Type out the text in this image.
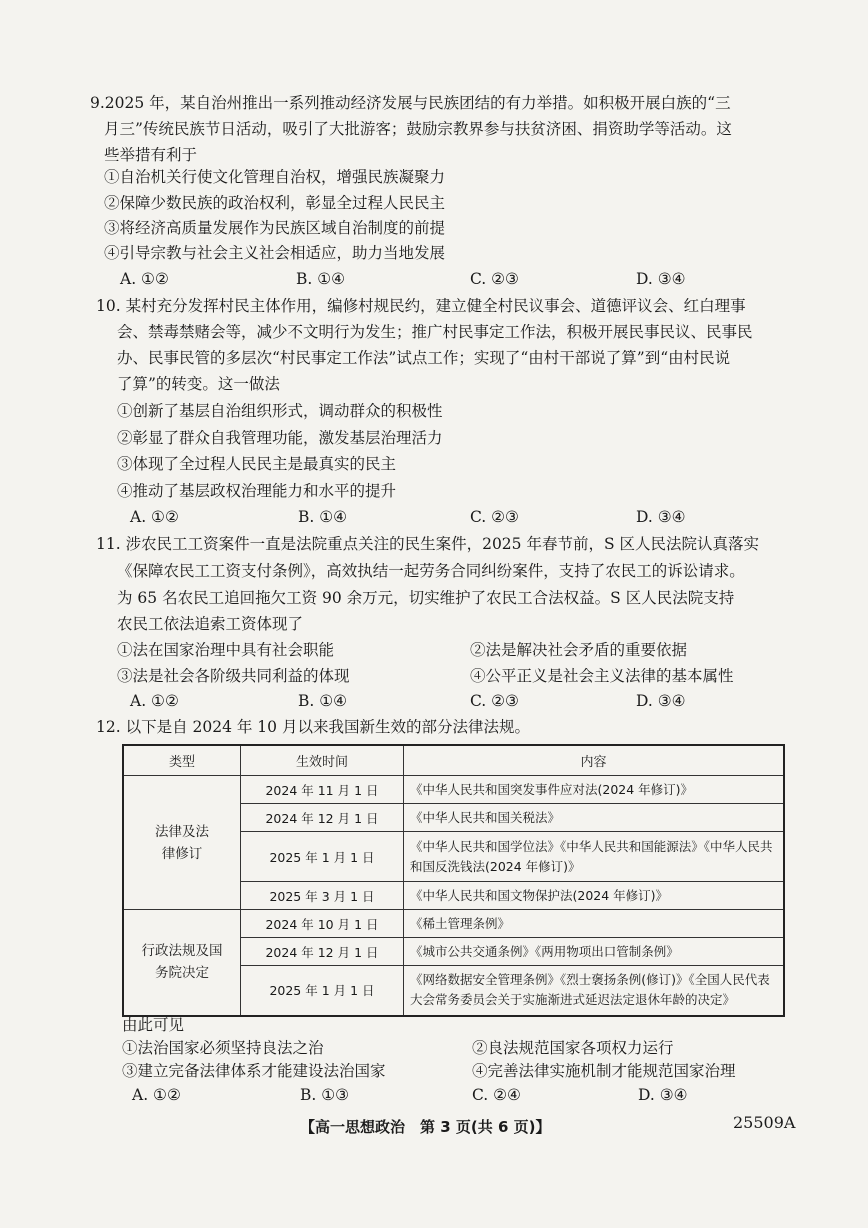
9.2025 年，某自治州推出一系列推动经济发展与民族团结的有力举措。如积极开展白族的“三
月三”传统民族节日活动，吸引了大批游客；鼓励宗教界参与扶贫济困、捐资助学等活动。这
些举措有利于
①自治机关行使文化管理自治权，增强民族凝聚力
②保障少数民族的政治权利，彰显全过程人民民主
③将经济高质量发展作为民族区域自治制度的前提
④引导宗教与社会主义社会相适应，助力当地发展
A. ①②	B. ①④	C. ②③	D. ③④
10. 某村充分发挥村民主体作用，编修村规民约，建立健全村民议事会、道德评议会、红白理事
会、禁毒禁赌会等，减少不文明行为发生；推广村民事定工作法，积极开展民事民议、民事民
办、民事民管的多层次“村民事定工作法”试点工作；实现了“由村干部说了算”到“由村民说
了算”的转变。这一做法
①创新了基层自治组织形式，调动群众的积极性
②彰显了群众自我管理功能，激发基层治理活力
③体现了全过程人民民主是最真实的民主
④推动了基层政权治理能力和水平的提升
A. ①②	B. ①④	C. ②③	D. ③④
11. 涉农民工工资案件一直是法院重点关注的民生案件，2025 年春节前，S 区人民法院认真落实
《保障农民工工资支付条例》，高效执结一起劳务合同纠纷案件，支持了农民工的诉讼请求。
为 65 名农民工追回拖欠工资 90 余万元，切实维护了农民工合法权益。S 区人民法院支持
农民工依法追索工资体现了
①法在国家治理中具有社会职能	②法是解决社会矛盾的重要依据
③法是社会各阶级共同利益的体现	④公平正义是社会主义法律的基本属性
A. ①②	B. ①④	C. ②③	D. ③④
12. 以下是自 2024 年 10 月以来我国新生效的部分法律法规。
类型	生效时间	内容

法律及法律修订	2024 年 11 月 1 日	《中华人民共和国突发事件应对法(2024 年修订)》
	2024 年 12 月 1 日	《中华人民共和国关税法》
	2025 年 1 月 1 日	《中华人民共和国学位法》《中华人民共和国能源法》《中华人民共和国反洗钱法(2024 年修订)》
	2025 年 3 月 1 日	《中华人民共和国文物保护法(2024 年修订)》

行政法规及国务院决定	2024 年 10 月 1 日	《稀土管理条例》
	2024 年 12 月 1 日	《城市公共交通条例》《两用物项出口管制条例》
	2025 年 1 月 1 日	《网络数据安全管理条例》《烈士褒扬条例(修订)》《全国人民代表大会常务委员会关于实施渐进式延迟法定退休年龄的决定》
由此可见
①法治国家必须坚持良法之治	②良法规范国家各项权力运行
③建立完备法律体系才能建设法治国家	④完善法律实施机制才能规范国家治理
A. ①②	B. ①③	C. ②④	D. ③④
【高一思想政治　第 3 页(共 6 页)】	25509A
